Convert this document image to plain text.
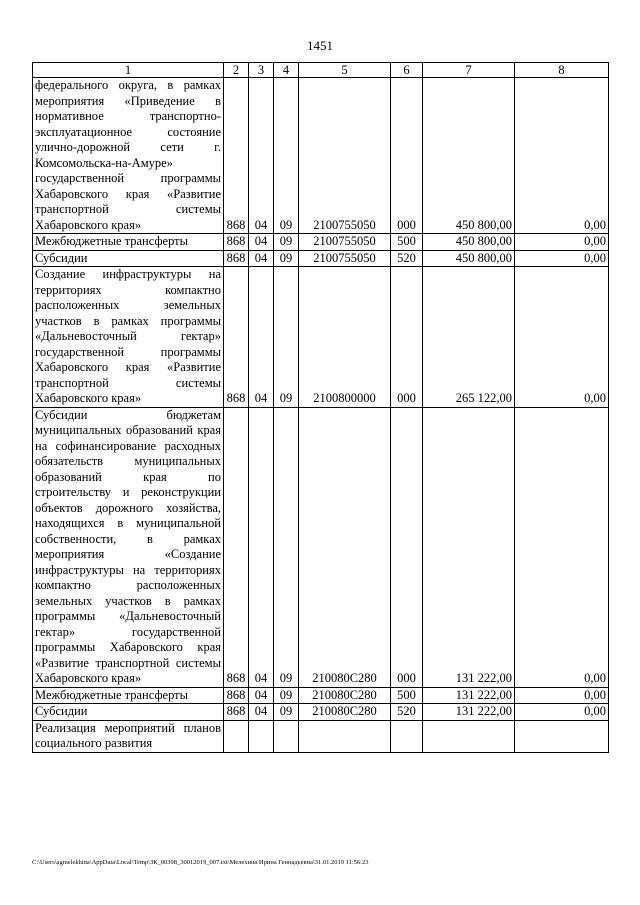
1451
1	2	3	4	5	6	7	8
федерального округа, в рамках мероприятия «Приведение в нормативное транспортно-эксплуатационное состояние улично-дорожной сети г. Комсомольска-на-Амуре» государственной программы Хабаровского края «Развитие транспортной системы Хабаровского края»	868	04	09	2100755050	000	450 800,00	0,00
Межбюджетные трансферты	868	04	09	2100755050	500	450 800,00	0,00
Субсидии	868	04	09	2100755050	520	450 800,00	0,00
Создание инфраструктуры на территориях компактно расположенных земельных участков в рамках программы «Дальневосточный гектар» государственной программы Хабаровского края «Развитие транспортной системы Хабаровского края»	868	04	09	2100800000	000	265 122,00	0,00
Субсидии бюджетам муниципальных образований края на софинансирование расходных обязательств муниципальных образований края по строительству и реконструкции объектов дорожного хозяйства, находящихся в муниципальной собственности, в рамках мероприятия «Создание инфраструктуры на территориях компактно расположенных земельных участков в рамках программы «Дальневосточный гектар» государственной программы Хабаровского края «Развитие транспортной системы Хабаровского края»	868	04	09	210080С280	000	131 222,00	0,00
Межбюджетные трансферты	868	04	09	210080С280	500	131 222,00	0,00
Субсидии	868	04	09	210080С280	520	131 222,00	0,00
Реализация мероприятий планов социального развития							
C:\Users\agmelekhina\AppData\Local\Temp\ЗК_00398_30012019_007.txt\Мелехина Ирина Геннадьевна\31.01.2019 11:56:23
